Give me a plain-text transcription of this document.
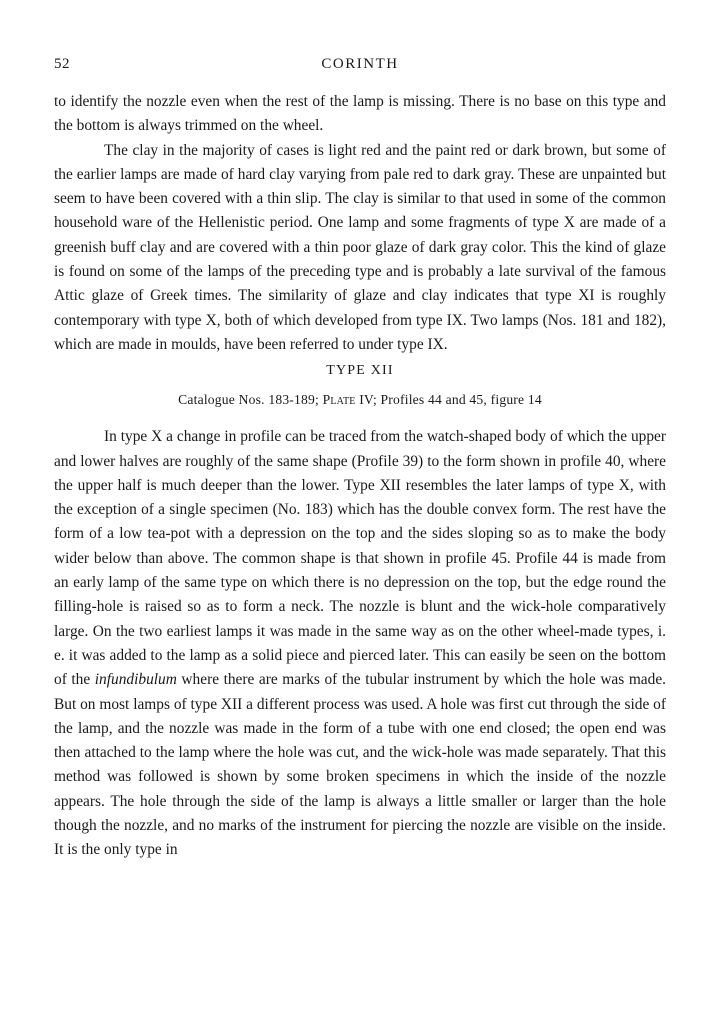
52	CORINTH

to identify the nozzle even when the rest of the lamp is missing. There is no base on this type and the bottom is always trimmed on the wheel.

The clay in the majority of cases is light red and the paint red or dark brown, but some of the earlier lamps are made of hard clay varying from pale red to dark gray. These are unpainted but seem to have been covered with a thin slip. The clay is similar to that used in some of the common household ware of the Hellenistic period. One lamp and some fragments of type X are made of a greenish buff clay and are covered with a thin poor glaze of dark gray color. This the kind of glaze is found on some of the lamps of the preceding type and is probably a late survival of the famous Attic glaze of Greek times. The similarity of glaze and clay indicates that type XI is roughly contemporary with type X, both of which developed from type IX. Two lamps (Nos. 181 and 182), which are made in moulds, have been referred to under type IX.

TYPE XII
Catalogue Nos. 183-189; Plate IV; Profiles 44 and 45, figure 14

In type X a change in profile can be traced from the watch-shaped body of which the upper and lower halves are roughly of the same shape (Profile 39) to the form shown in profile 40, where the upper half is much deeper than the lower. Type XII resembles the later lamps of type X, with the exception of a single specimen (No. 183) which has the double convex form. The rest have the form of a low tea-pot with a depression on the top and the sides sloping so as to make the body wider below than above. The common shape is that shown in profile 45. Profile 44 is made from an early lamp of the same type on which there is no depression on the top, but the edge round the filling-hole is raised so as to form a neck. The nozzle is blunt and the wick-hole comparatively large. On the two earliest lamps it was made in the same way as on the other wheel-made types, i. e. it was added to the lamp as a solid piece and pierced later. This can easily be seen on the bottom of the infundibulum where there are marks of the tubular instrument by which the hole was made. But on most lamps of type XII a different process was used. A hole was first cut through the side of the lamp, and the nozzle was made in the form of a tube with one end closed; the open end was then attached to the lamp where the hole was cut, and the wick-hole was made separately. That this method was followed is shown by some broken specimens in which the inside of the nozzle appears. The hole through the side of the lamp is always a little smaller or larger than the hole though the nozzle, and no marks of the instrument for piercing the nozzle are visible on the inside. It is the only type in
